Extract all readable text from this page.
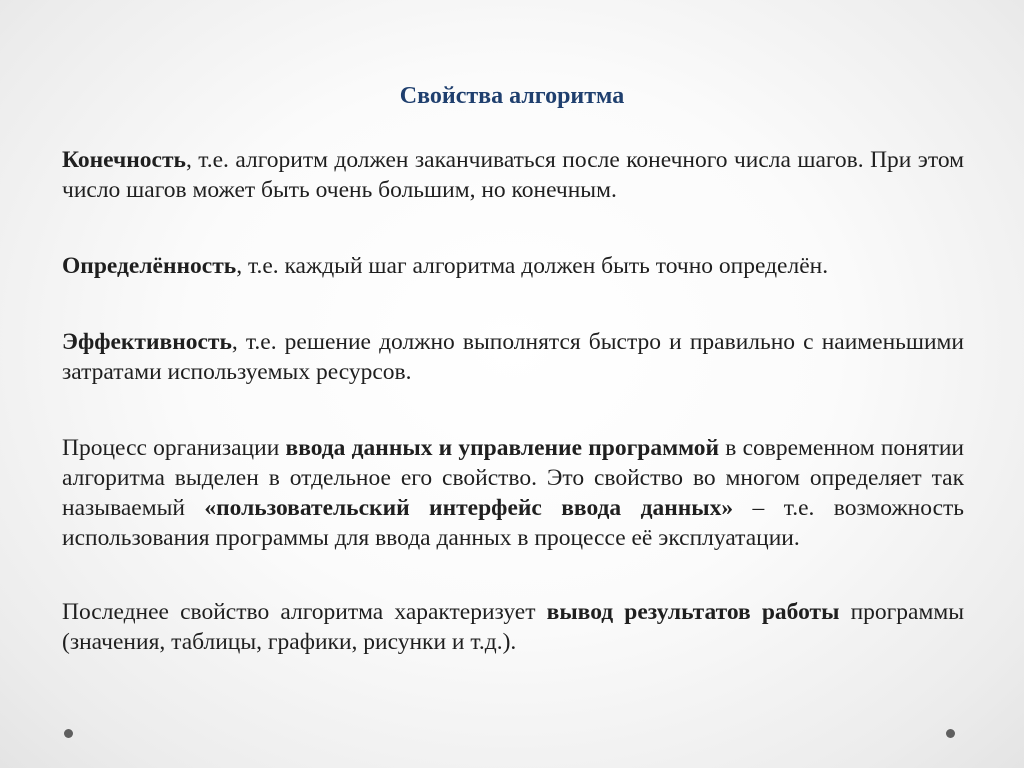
Свойства алгоритма

Конечность, т.е. алгоритм должен заканчиваться после конечного числа шагов. При этом число шагов может быть очень большим, но конечным.

Определённость, т.е. каждый шаг алгоритма должен быть точно определён.

Эффективность, т.е. решение должно выполнятся быстро и правильно с наименьшими затратами используемых ресурсов.

Процесс организации ввода данных и управление программой в современном понятии алгоритма выделен в отдельное его свойство. Это свойство во многом определяет так называемый «пользовательский интерфейс ввода данных» – т.е. возможность использования программы для ввода данных в процессе её эксплуатации.

Последнее свойство алгоритма характеризует вывод результатов работы программы (значения, таблицы, графики, рисунки и т.д.).
